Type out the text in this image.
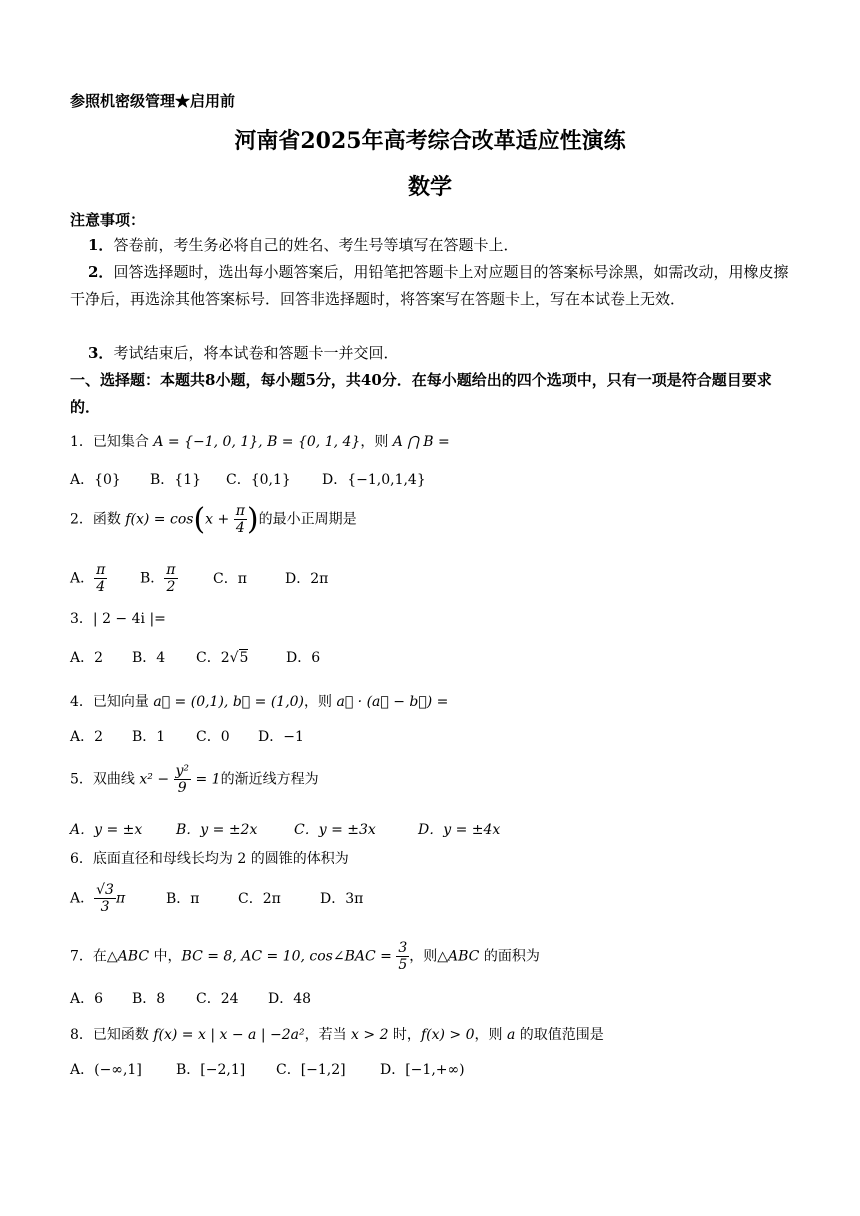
参照机密级管理★启用前
河南省2025年高考综合改革适应性演练
数学
注意事项：
1．答卷前，考生务必将自己的姓名、考生号等填写在答题卡上．
2．回答选择题时，选出每小题答案后，用铅笔把答题卡上对应题目的答案标号涂黑，如需改动，用橡皮擦干净后，再选涂其他答案标号．回答非选择题时，将答案写在答题卡上，写在本试卷上无效．
3．考试结束后，将本试卷和答题卡一并交回．
一、选择题：本题共8小题，每小题5分，共40分．在每小题给出的四个选项中，只有一项是符合题目要求的．
1．已知集合 A = {−1, 0, 1}, B = {0, 1, 4}，则 A ⋂ B =
A．{0} B．{1} C．{0,1} D．{−1,0,1,4}
2．函数 $f(x) = \cos(x + \frac{\pi}{4}$ )的最小正周期是
A． $\frac{\pi}{4}$ B． $\frac{\pi}{2}$	C．π	D．2π
3．| 2 − 4i |=
A．2 B．4 C．2√5	D．6
4．已知向量 a⃗ = (0,1), b⃗ = (1,0)，则 a⃗ · (a⃗ − b⃗) =
A．2 B．1 C．0 D．−1
5．双曲线 $x^2 - \frac{\text{y²}}{9} = 1$的渐近线方程为
A．y = ±x B．y = ±2x	C．y = ±3x	D．y = ±4x
6．底面直径和母线长均为 2 的圆锥的体积为
A． $\frac{√3}{3}$ π	B．π	C．2π	D．3π
7．在△ABC 中，BC = 8, AC = 10, cos∠BAC = $\frac{3}{5}$ ，则△ABC 的面积为
A．6 B．8 C．24 D．48
8．已知函数 f(x) = x | x − a | −2a²，若当 x > 2 时，f(x) > 0，则 a 的取值范围是
A．(−∞,1] B．[−2,1] C．[−1,2] D．[−1,+∞)
